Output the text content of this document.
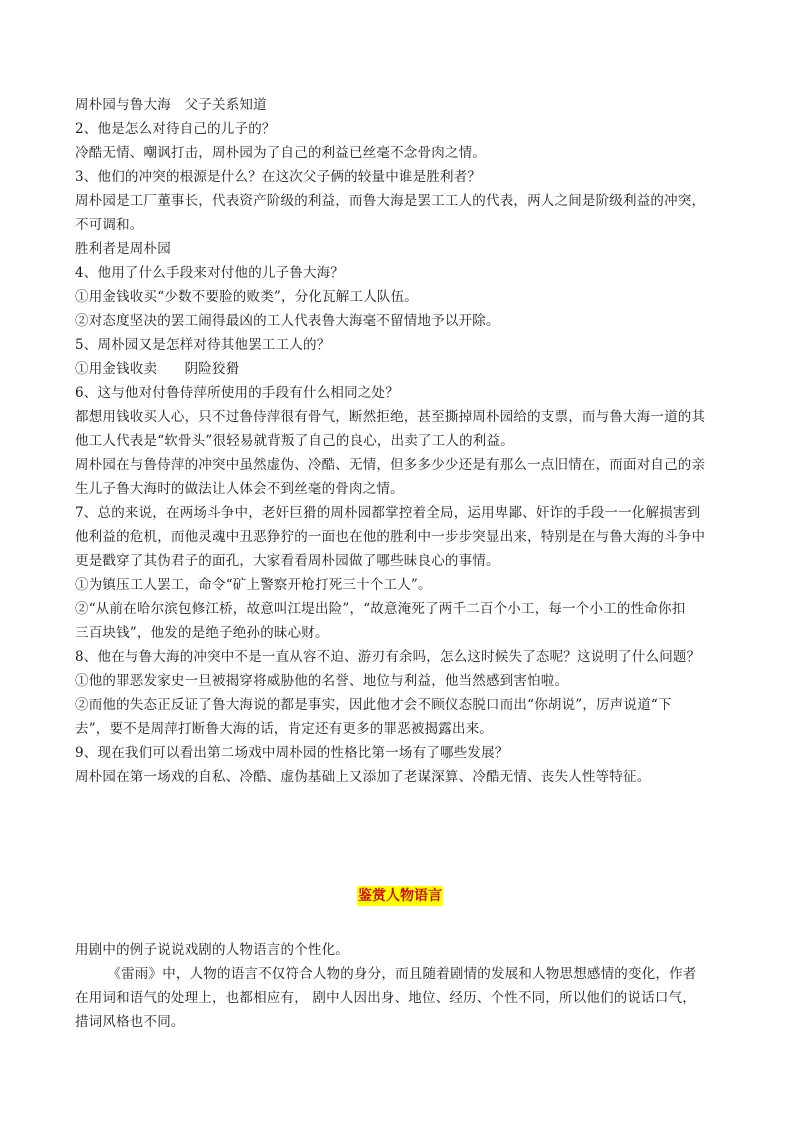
周朴园与鲁大海　父子关系知道
2、他是怎么对待自己的儿子的？
冷酷无情、嘲讽打击，周朴园为了自己的利益已丝毫不念骨肉之情。
3、他们的冲突的根源是什么？在这次父子俩的较量中谁是胜利者？
周朴园是工厂董事长，代表资产阶级的利益，而鲁大海是罢工工人的代表，两人之间是阶级利益的冲突，
不可调和。
胜利者是周朴园
4、他用了什么手段来对付他的儿子鲁大海？
①用金钱收买“少数不要脸的败类”，分化瓦解工人队伍。
②对态度坚决的罢工闹得最凶的工人代表鲁大海毫不留情地予以开除。
5、周朴园又是怎样对待其他罢工工人的？
①用金钱收卖　　阴险狡猾
6、这与他对付鲁侍萍所使用的手段有什么相同之处？
都想用钱收买人心，只不过鲁侍萍很有骨气，断然拒绝，甚至撕掉周朴园给的支票，而与鲁大海一道的其
他工人代表是“软骨头”很轻易就背叛了自己的良心，出卖了工人的利益。
周朴园在与鲁侍萍的冲突中虽然虚伪、冷酷、无情，但多多少少还是有那么一点旧情在，而面对自己的亲
生儿子鲁大海时的做法让人体会不到丝毫的骨肉之情。
7、总的来说，在两场斗争中，老奸巨猾的周朴园都掌控着全局，运用卑鄙、奸诈的手段一一化解损害到
他利益的危机，而他灵魂中丑恶狰狞的一面也在他的胜利中一步步突显出来，特别是在与鲁大海的斗争中
更是戳穿了其伪君子的面孔，大家看看周朴园做了哪些昧良心的事情。
①为镇压工人罢工，命令“矿上警察开枪打死三十个工人”。
②“从前在哈尔滨包修江桥，故意叫江堤出险”，“故意淹死了两千二百个小工，每一个小工的性命你扣
三百块钱”，他发的是绝子绝孙的昧心财。
8、他在与鲁大海的冲突中不是一直从容不迫、游刃有余吗，怎么这时候失了态呢？这说明了什么问题？
①他的罪恶发家史一旦被揭穿将威胁他的名誉、地位与利益，他当然感到害怕啦。
②而他的失态正反证了鲁大海说的都是事实，因此他才会不顾仪态脱口而出“你胡说”，厉声说道“下
去”，要不是周萍打断鲁大海的话，肯定还有更多的罪恶被揭露出来。
9、现在我们可以看出第二场戏中周朴园的性格比第一场有了哪些发展？
周朴园在第一场戏的自私、冷酷、虚伪基础上又添加了老谋深算、冷酷无情、丧失人性等特征。
鉴赏人物语言
用剧中的例子说说戏剧的人物语言的个性化。
《雷雨》中，人物的语言不仅符合人物的身分，而且随着剧情的发展和人物思想感情的变化，作者
在用词和语气的处理上，也都相应有， 剧中人因出身、地位、经历、个性不同，所以他们的说话口气，
措词风格也不同。
